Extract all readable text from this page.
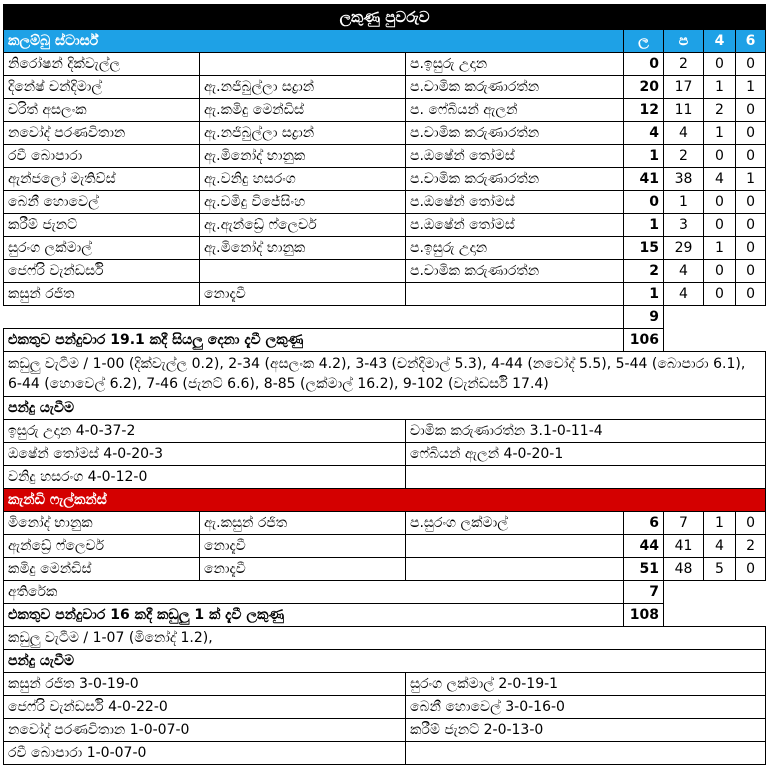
ලකුණු පුවරුව						
කලම්බු ස්ටාර්ස්			ල	ප	4	6
නිරෝෂන් දික්වැල්ල		ප.ඉසුරු උදාන	0	2	0	0
දිනේෂ් චන්දිමාල්	ඇ.නජිබුල්ලා සද්‍රාන්	ප.චාමික කරුණාරත්න	20	17	1	1
චරිත් අසලංක	ඇ.කමිදු මෙන්ඩිස්	ප. ෆේබියන් ඇලන්	12	11	2	0
නවෝද් පරණවිතාන	ඇ.නජිබුල්ලා සද්‍රාන්	ප.චාමික කරුණාරත්න	4	4	1	0
රවී බොපාරා	ඇ.මිනෝද් භානුක	ප.ඔෂේන් තෝමස්	1	2	0	0
ඇන්ජලෝ මැතිව්ස්	ඇ.වනිදු හසරංග	ප.චාමික කරුණාරත්න	41	38	4	1
බෙනී හොවෙල්	ඇ.චමිදු විජේසිංහ	ප.ඔෂේන් තෝමස්	0	1	0	0
කරීම් ජැනට්	ඇ.ඇන්ඩ්‍රේ ෆ්ලෙචර්	ප.ඔෂේන් තෝමස්	1	3	0	0
සුරංග ලක්මාල්	ඇ.මිනෝද් භානුක	ප.ඉසුරු උදාන	15	29	1	0
ජෙෆ්රි වැන්ඩර්සි		ප.චාමික කරුණාරත්න	2	4	0	0
කසුන් රජිත	නොදැවී		1	4	0	0
			9			
එකතුව පන්දුවාර 19.1 කදී සියලු දෙනා දැවී ලකුණු			106			
කඩුලු වැටීම / 1-00 (දික්වැල්ල 0.2), 2-34 (අසලංක 4.2), 3-43 (චන්දිමාල් 5.3), 4-44 (නවෝද් 5.5), 5-44 (බොපාරා 6.1), 6-44 (හොවෙල් 6.2), 7-46 (ජැනට් 6.6), 8-85 (ලක්මාල් 16.2), 9-102 (වැන්ඩර්සි 17.4)						
පන්දු යැවීම						
ඉසුරු උදාන 4-0-37-2		චාමික කරුණාරත්න 3.1-0-11-4				
ඔෂේන් තෝමස් 4-0-20-3		ෆේබියන් ඇලන් 4-0-20-1				
වනිදු හසරංග 4-0-12-0						
කැන්ඩි ෆැල්කන්ස්						
මිනෝද් භානුක	ඇ.කසුන් රජිත	ප.සුරංග ලක්මාල්	6	7	1	0
ඇන්ඩ්‍රේ ෆ්ලෙචර්	නොදැවී		44	41	4	2
කමිදු මෙන්ඩිස්	නොදැවී		51	48	5	0
අතිරේක			7			
එකතුව පන්දුවාර 16 කදී කඩුලු 1 ක් දැවී ලකුණු			108			
කඩුලු වැටීම / 1-07 (මිනෝද් 1.2),						
පන්දු යැවීම						
කසුන් රජිත 3-0-19-0		සුරංග ලක්මාල් 2-0-19-1				
ජෙෆ්රි වැන්ඩර්සි 4-0-22-0		බෙනී හොවෙල් 3-0-16-0				
නවෝද් පරණවිතාන 1-0-07-0		කරීම් ජැනට් 2-0-13-0				
රවී බොපාරා 1-0-07-0						
